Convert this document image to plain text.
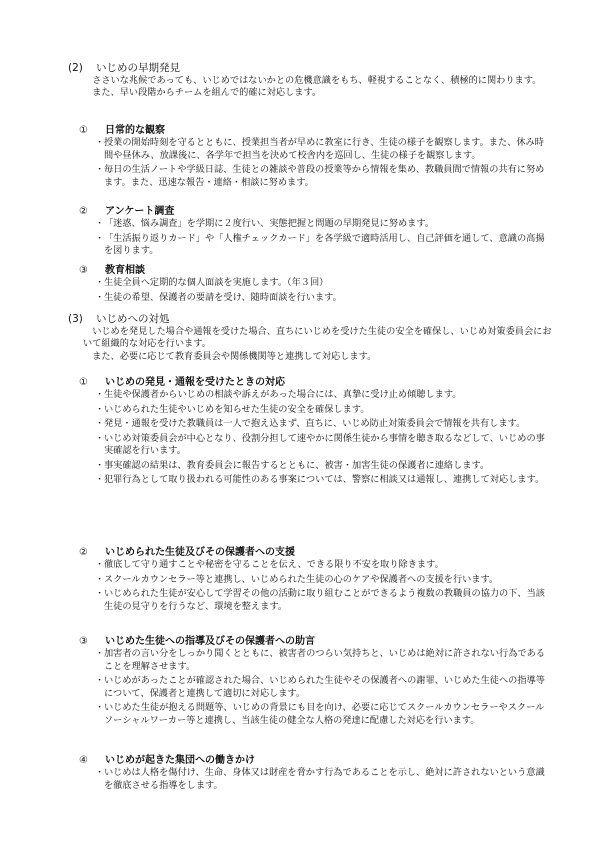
(2) いじめの早期発見

ささいな兆候であっても、いじめではないかとの危機意識をもち、軽視することなく、積極的に関わります。

また、早い段階からチームを組んで的確に対応します。

① 日常的な観察
・ 授業の開始時刻を守るとともに、授業担当者が早めに教室に行き、生徒の様子を観察します。また、休み時間や昼休み、放課後に、各学年で担当を決めて校舎内を巡回し、生徒の様子を観察します。
・ 毎日の生活ノートや学級日誌、生徒との雑談や普段の授業等から情報を集め、教職員間で情報の共有に努めます。また、迅速な報告・連絡・相談に努めます。
② アンケート調査
・ 「迷惑、悩み調査」を学期に２度行い、実態把握と問題の早期発見に努めます。
・ 「生活振り返りカード」や「人権チェックカード」を各学級で適時活用し、自己評価を通して、意識の高揚を図ります。
③ 教育相談
・ 生徒全員へ定期的な個人面談を実施します。（年３回）
・ 生徒の希望、保護者の要請を受け、随時面談を行います。
(3) いじめへの対処

いじめを発見した場合や通報を受けた場合、直ちにいじめを受けた生徒の安全を確保し、いじめ対策委員会において組織的な対応を行います。

また、必要に応じて教育委員会や関係機関等と連携して対応します。

① いじめの発見・通報を受けたときの対応
・ 生徒や保護者からいじめの相談や訴えがあった場合には、真摯に受け止め傾聴します。
・ いじめられた生徒やいじめを知らせた生徒の安全を確保します。
・ 発見・通報を受けた教職員は一人で抱え込まず、直ちに、いじめ防止対策委員会で情報を共有します。
・ いじめ対策委員会が中心となり、役割分担して速やかに関係生徒から事情を聴き取るなどして、いじめの事実確認を行います。
・ 事実確認の結果は、教育委員会に報告するとともに、被害・加害生徒の保護者に連絡します。
・ 犯罪行為として取り扱われる可能性のある事案については、警察に相談又は通報し、連携して対応します。
② いじめられた生徒及びその保護者への支援
・ 徹底して守り通すことや秘密を守ることを伝え、できる限り不安を取り除きます。
・ スクールカウンセラー等と連携し、いじめられた生徒の心のケアや保護者への支援を行います。
・ いじめられた生徒が安心して学習その他の活動に取り組むことができるよう複数の教職員の協力の下、当該生徒の見守りを行うなど、環境を整えます。
③ いじめた生徒への指導及びその保護者への助言
・ 加害者の言い分をしっかり聞くとともに、被害者のつらい気持ちと、いじめは絶対に許されない行為であることを理解させます。
・ いじめがあったことが確認された場合、いじめられた生徒やその保護者への謝罪、いじめた生徒への指導等について、保護者と連携して適切に対応します。
・ いじめた生徒が抱える問題等、いじめの背景にも目を向け、必要に応じてスクールカウンセラーやスクールソーシャルワーカー等と連携し、当該生徒の健全な人格の発達に配慮した対応を行います。
④ いじめが起きた集団への働きかけ
・ いじめは人格を傷付け、生命、身体又は財産を脅かす行為であることを示し、絶対に許されないという意識を徹底させる指導をします。
